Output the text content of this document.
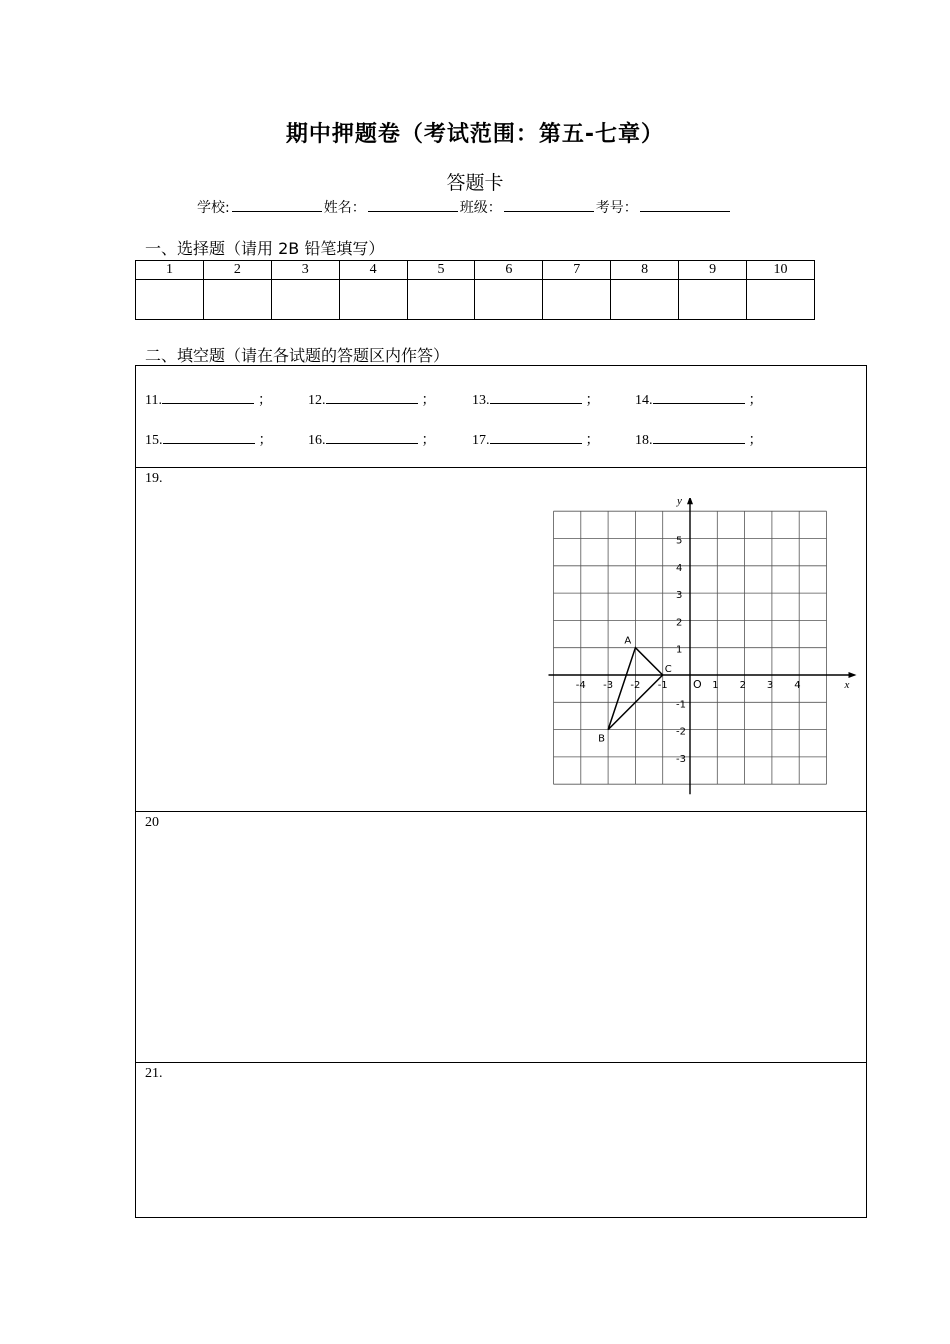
期中押题卷（考试范围：第五-七章）
答题卡
学校:	姓名：	班级：	考号：
一、选择题（请用 2B 铅笔填写）
1	2	3	4	5	6	7	8	9	10

二、填空题（请在各试题的答题区内作答）
11.	；	12.	；	13.	；	14.	；
15.	；	16.	；	17.	；	18.	；
19.
x
y
O
-4 -3 -2 -1	1 2 3 4
5
4
3
2
1
-1
-2
-3
A
B
C
20
21.
